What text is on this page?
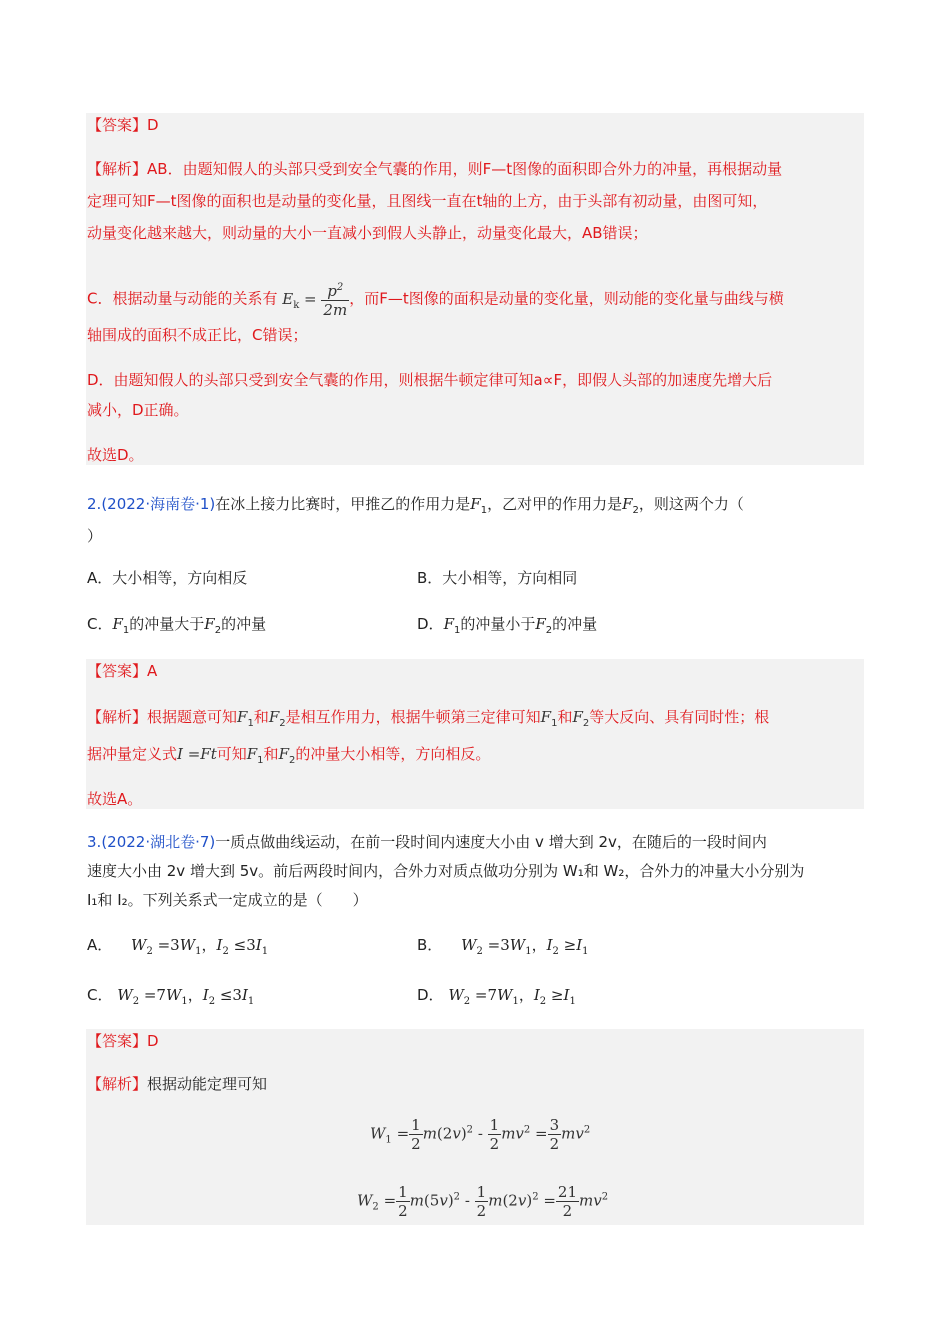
【答案】D
【解析】AB．由题知假人的头部只受到安全气囊的作用，则F—t图像的面积即合外力的冲量，再根据动量
定理可知F—t图像的面积也是动量的变化量，且图线一直在t轴的上方，由于头部有初动量，由图可知，
动量变化越来越大，则动量的大小一直减小到假人头静止，动量变化最大，AB错误；
C．根据动量与动能的关系有 $E_k = \frac{p^2}{2m}$ ，而F—t图像的面积是动量的变化量，则动能的变化量与曲线与横
轴围成的面积不成正比，C错误；
D．由题知假人的头部只受到安全气囊的作用，则根据牛顿定律可知a∝F，即假人头部的加速度先增大后
减小，D正确。
故选D。
2.(2022·海南卷·1)在冰上接力比赛时，甲推乙的作用力是$F_1$，乙对甲的作用力是$F_2$，则这两个力（
）
A．大小相等，方向相反	B．大小相等，方向相同
C．$F_1$的冲量大于$F_2$的冲量	D．$F_1$的冲量小于$F_2$的冲量
【答案】A
【解析】根据题意可知$F_1$和$F_2$是相互作用力，根据牛顿第三定律可知$F_1$和$F_2$等大反向、具有同时性；根
据冲量定义式I =Ft可知$F_1$和$F_2$的冲量大小相等，方向相反。
故选A。
3.(2022·湖北卷·7)一质点做曲线运动，在前一段时间内速度大小由 v 增大到 2v，在随后的一段时间内
速度大小由 2v 增大到 5v。前后两段时间内，合外力对质点做功分别为 W₁和 W₂，合外力的冲量大小分别为
I₁和 I₂。下列关系式一定成立的是（　　）
A． $W_2 =3W_1$，$I_2 \le 3I_1$	B． $W_2 =3W_1$，$I_2 \ge I_1$
C． $W_2 =7W_1$，$I_2 \le 3I_1$	D． $W_2 =7W_1$，$I_2 \ge I_1$
【答案】D
【解析】根据动能定理可知
$W_1 = \frac{1}{2} m(2v)^2 - \frac{1}{2} mv^2 = \frac{3}{2} mv^2$
$W_2 = \frac{1}{2} m(5v)^2 - \frac{1}{2} m(2v)^2 = \frac{21}{2} mv^2$
